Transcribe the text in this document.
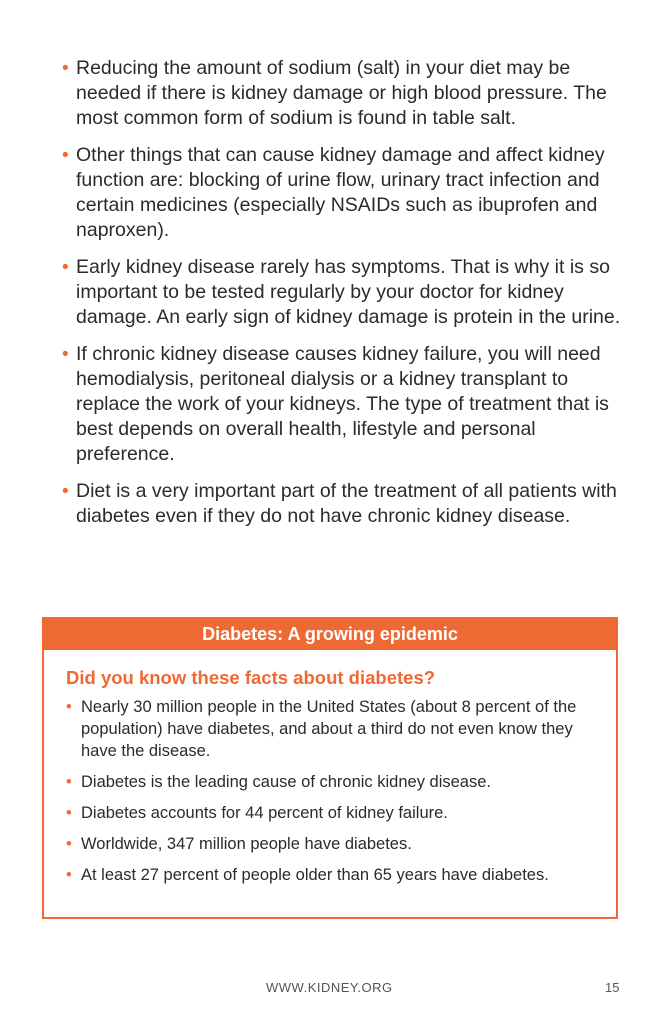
• Reducing the amount of sodium (salt) in your diet may be needed if there is kidney damage or high blood pressure. The most common form of sodium is found in table salt.
• Other things that can cause kidney damage and affect kidney function are: blocking of urine flow, urinary tract infection and certain medicines (especially NSAIDs such as ibuprofen and naproxen).
• Early kidney disease rarely has symptoms. That is why it is so important to be tested regularly by your doctor for kidney damage. An early sign of kidney damage is protein in the urine.
• If chronic kidney disease causes kidney failure, you will need hemodialysis, peritoneal dialysis or a kidney transplant to replace the work of your kidneys. The type of treatment that is best depends on overall health, lifestyle and personal preference.
• Diet is a very important part of the treatment of all patients with diabetes even if they do not have chronic kidney disease.
Diabetes: A growing epidemic
Did you know these facts about diabetes?
• Nearly 30 million people in the United States (about 8 percent of the population) have diabetes, and about a third do not even know they have the disease.
• Diabetes is the leading cause of chronic kidney disease.
• Diabetes accounts for 44 percent of kidney failure.
• Worldwide, 347 million people have diabetes.
• At least 27 percent of people older than 65 years have diabetes.
WWW.KIDNEY.ORG	15
